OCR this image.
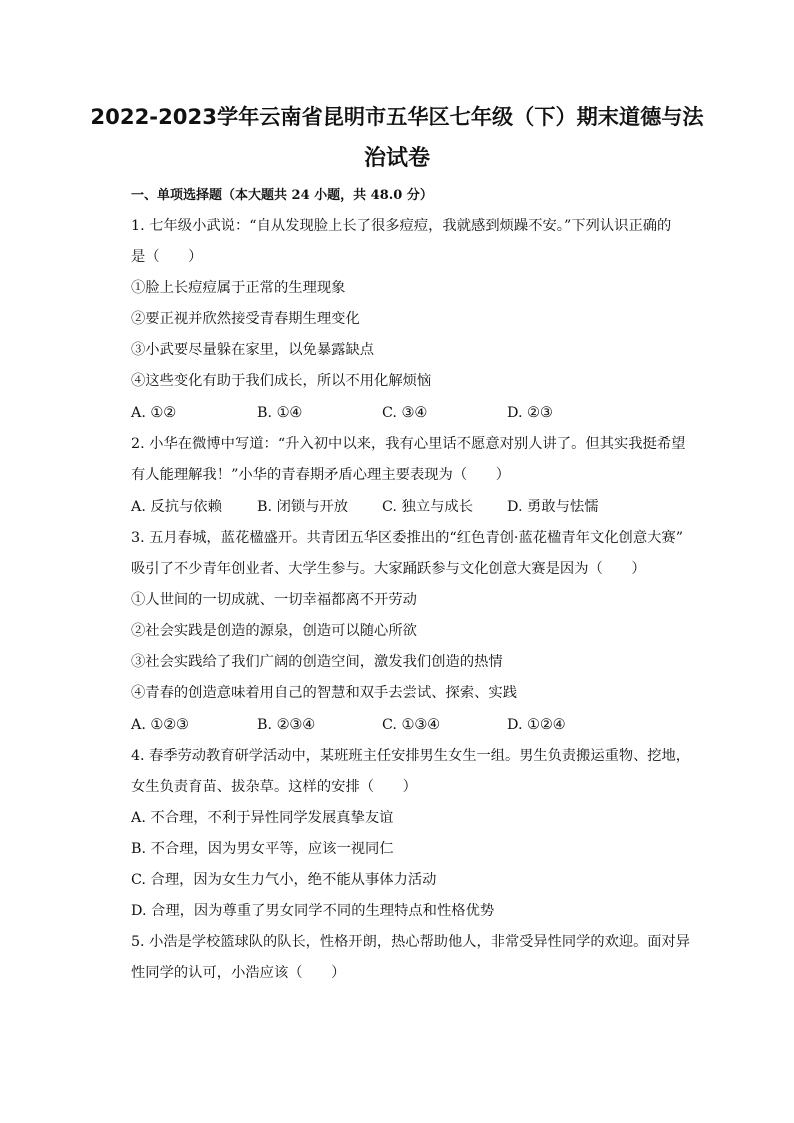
2022-2023学年云南省昆明市五华区七年级（下）期末道德与法
治试卷
一、单项选择题（本大题共 24 小题，共 48.0 分）
1. 七年级小武说：“自从发现脸上长了很多痘痘，我就感到烦躁不安。”下列认识正确的
是（　　）
①脸上长痘痘属于正常的生理现象
②要正视并欣然接受青春期生理变化
③小武要尽量躲在家里，以免暴露缺点
④这些变化有助于我们成长，所以不用化解烦恼
A. ①②	B. ①④	C. ③④	D. ②③
2. 小华在微博中写道：“升入初中以来，我有心里话不愿意对别人讲了。但其实我挺希望
有人能理解我！”小华的青春期矛盾心理主要表现为（　　）
A. 反抗与依赖 B. 闭锁与开放 C. 独立与成长 D. 勇敢与怯懦
3. 五月春城，蓝花楹盛开。共青团五华区委推出的“红色青创·蓝花楹青年文化创意大赛”
吸引了不少青年创业者、大学生参与。大家踊跃参与文化创意大赛是因为（　　）
①人世间的一切成就、一切幸福都离不开劳动
②社会实践是创造的源泉，创造可以随心所欲
③社会实践给了我们广阔的创造空间，激发我们创造的热情
④青春的创造意味着用自己的智慧和双手去尝试、探索、实践
A. ①②③	B. ②③④	C. ①③④	D. ①②④
4. 春季劳动教育研学活动中，某班班主任安排男生女生一组。男生负责搬运重物、挖地，
女生负责育苗、拔杂草。这样的安排（　　）
A. 不合理，不利于异性同学发展真挚友谊
B. 不合理，因为男女平等，应该一视同仁
C. 合理，因为女生力气小，绝不能从事体力活动
D. 合理，因为尊重了男女同学不同的生理特点和性格优势
5. 小浩是学校篮球队的队长，性格开朗，热心帮助他人，非常受异性同学的欢迎。面对异
性同学的认可，小浩应该（　　）
